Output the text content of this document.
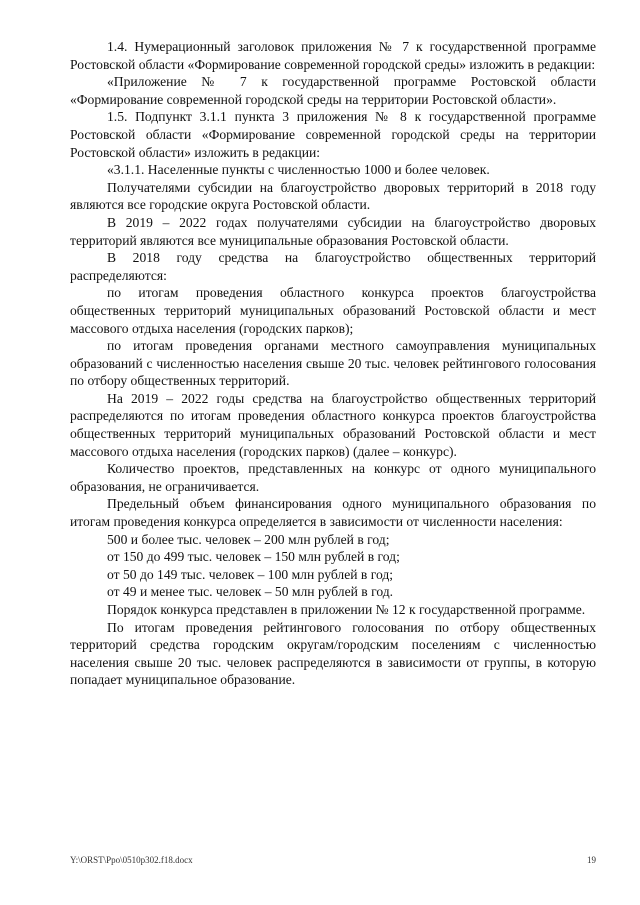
1.4. Нумерационный заголовок приложения № 7 к государственной программе Ростовской области «Формирование современной городской среды» изложить в редакции:

«Приложение № 7 к государственной программе Ростовской области «Формирование современной городской среды на территории Ростовской области».

1.5. Подпункт 3.1.1 пункта 3 приложения № 8 к государственной программе Ростовской области «Формирование современной городской среды на территории Ростовской области» изложить в редакции:

«3.1.1. Населенные пункты с численностью 1000 и более человек.

Получателями субсидии на благоустройство дворовых территорий в 2018 году являются все городские округа Ростовской области.

В 2019 – 2022 годах получателями субсидии на благоустройство дворовых территорий являются все муниципальные образования Ростовской области.

В 2018 году средства на благоустройство общественных территорий распределяются:

по итогам проведения областного конкурса проектов благоустройства общественных территорий муниципальных образований Ростовской области и мест массового отдыха населения (городских парков);

по итогам проведения органами местного самоуправления муниципальных образований с численностью населения свыше 20 тыс. человек рейтингового голосования по отбору общественных территорий.

На 2019 – 2022 годы средства на благоустройство общественных территорий распределяются по итогам проведения областного конкурса проектов благоустройства общественных территорий муниципальных образований Ростовской области и мест массового отдыха населения (городских парков) (далее – конкурс).

Количество проектов, представленных на конкурс от одного муниципального образования, не ограничивается.

Предельный объем финансирования одного муниципального образования по итогам проведения конкурса определяется в зависимости от численности населения:

500 и более тыс. человек – 200 млн рублей в год;

от 150 до 499 тыс. человек – 150 млн рублей в год;

от 50 до 149 тыс. человек – 100 млн рублей в год;

от 49 и менее тыс. человек – 50 млн рублей в год.

Порядок конкурса представлен в приложении № 12 к государственной программе.

По итогам проведения рейтингового голосования по отбору общественных территорий средства городским округам/городским поселениям с численностью населения свыше 20 тыс. человек распределяются в зависимости от группы, в которую попадает муниципальное образование.

Y:\ORST\Ppo\0510p302.f18.docx	19
